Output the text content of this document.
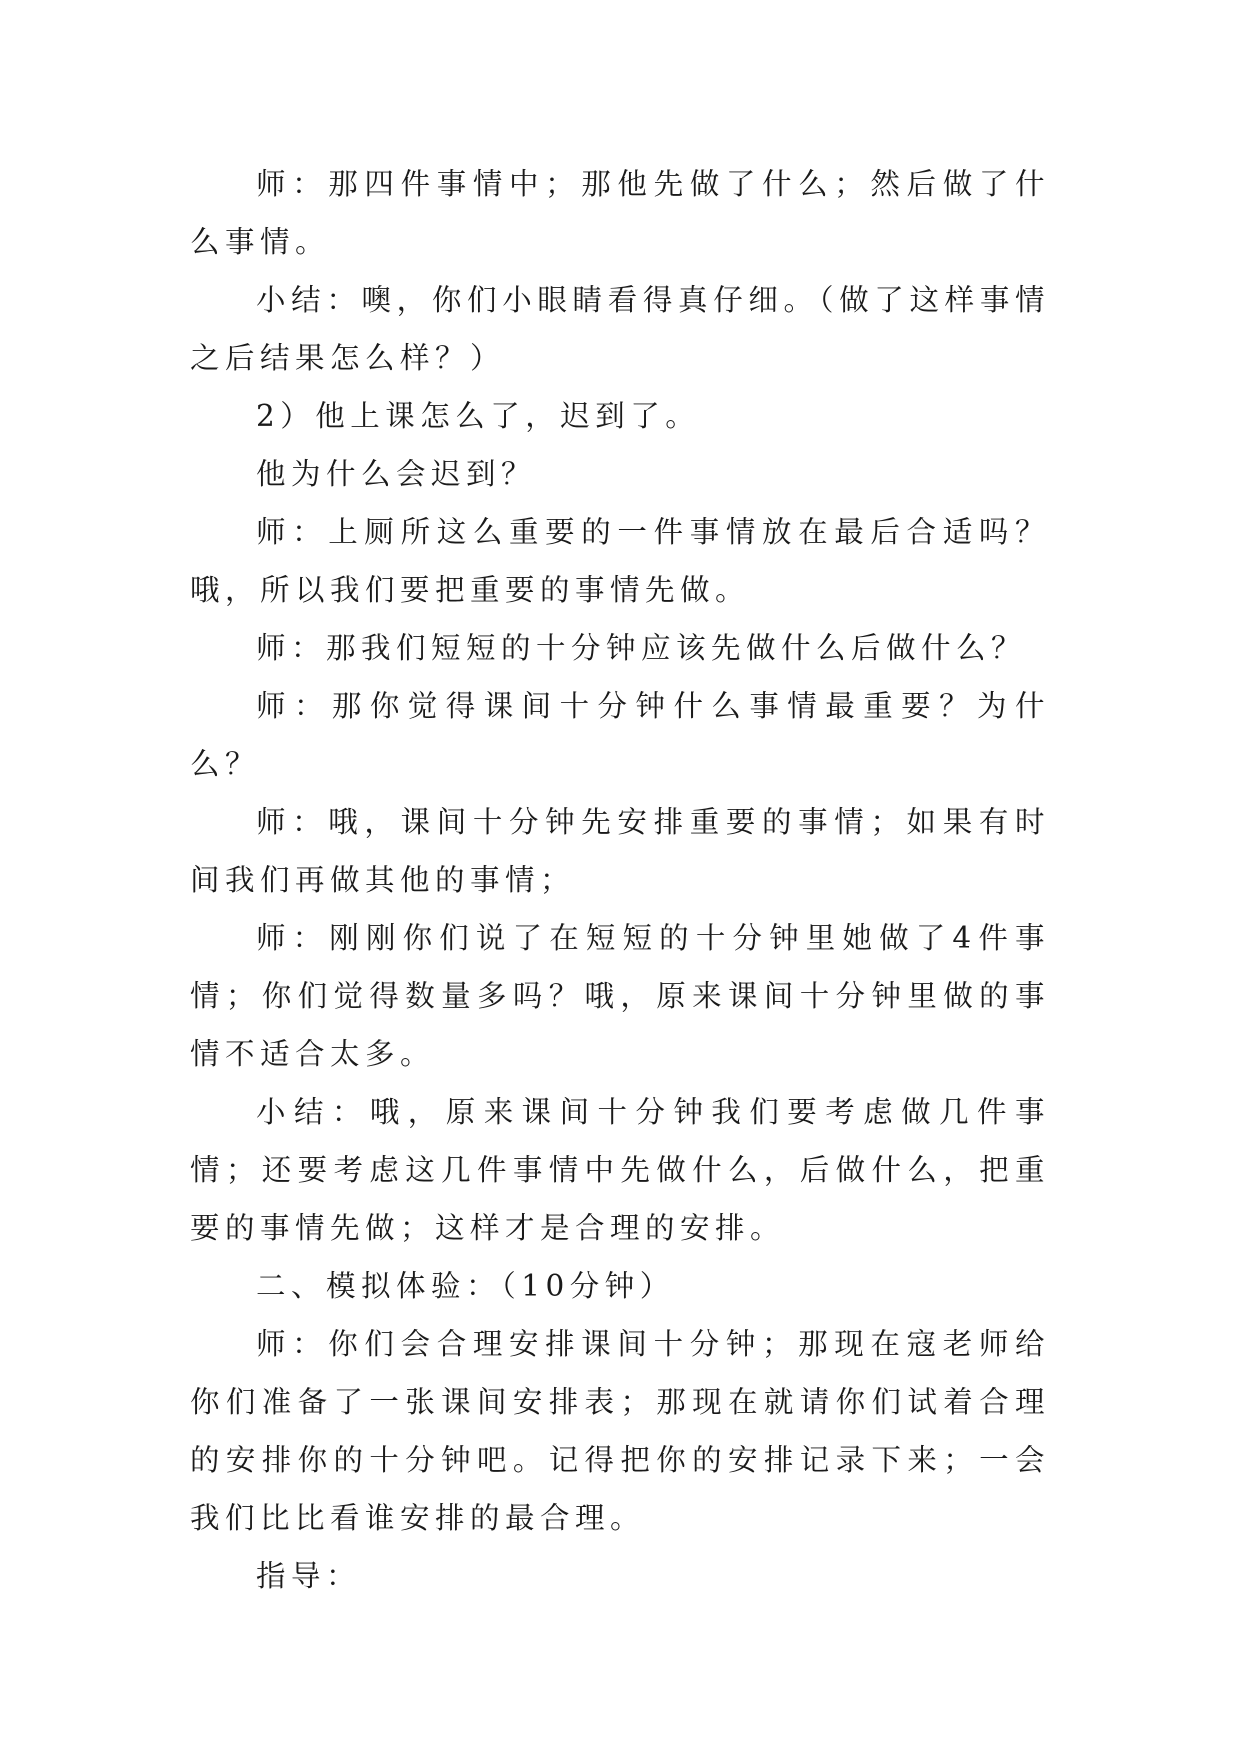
师：那四件事情中；那他先做了什么；然后做了什么事情。

小结：噢，你们小眼睛看得真仔细。（做了这样事情之后结果怎么样？）

2）他上课怎么了，迟到了。

他为什么会迟到？

师：上厕所这么重要的一件事情放在最后合适吗？哦，所以我们要把重要的事情先做。

师：那我们短短的十分钟应该先做什么后做什么？

师：那你觉得课间十分钟什么事情最重要？为什么？

师：哦，课间十分钟先安排重要的事情；如果有时间我们再做其他的事情；

师：刚刚你们说了在短短的十分钟里她做了4件事情；你们觉得数量多吗？哦，原来课间十分钟里做的事情不适合太多。

小结：哦，原来课间十分钟我们要考虑做几件事情；还要考虑这几件事情中先做什么，后做什么，把重要的事情先做；这样才是合理的安排。

二、模拟体验：（10分钟）

师：你们会合理安排课间十分钟；那现在寇老师给你们准备了一张课间安排表；那现在就请你们试着合理的安排你的十分钟吧。记得把你的安排记录下来；一会我们比比看谁安排的最合理。

指导：
